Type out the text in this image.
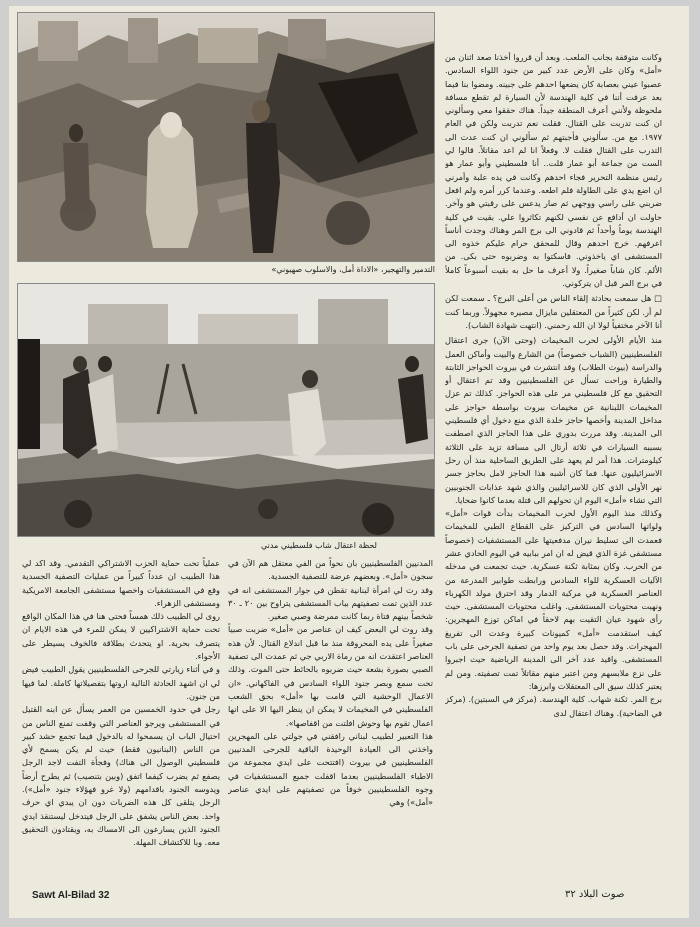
التدمير والتهجير، «الاداة أمل، والاسلوب صهيوني»
لحظة اعتقال شاب فلسطيني مدني

وكانت متوقفة بجانب الملعب. وبعد أن قرروا أخذنا صعد اثنان من «أمل» وكان على الأرض عدد كبير من جنود اللواء السادس. عصبوا عيني بعصابة كان يضعها احدهم على جبينه. ومضوا بنا فيما بعد عرفت أننا في كلية الهندسة لأن السيارة لم تقطع مسافة ملحوظة ولأنني أعرف المنطقة جيداً. هناك حققوا معي وسألوني ان كنت تدربت على القتال. فقلت نعم تدربت ولكن في العام ١٩٧٧. مع من. سألوني فأجبتهم ثم سألوني ان كنت عدت الى التدرب على القتال فقلت لا. وفعلاً انا لم اعد مقاتلاً. قالوا لي الست من جماعة أبو عمار قلت.. أنا فلسطيني وأبو عمار هو رئيس منظمة التحرير فجاء احدهم وكانت في يده علبة وأمرني ان اضع يدي على الطاولة فلم اطعه. وعندما كرر أمره ولم افعل ضربني على راسي ووجهي ثم صار يدعس على رقبتي هو وآخر. حاولت ان أدافع عن نفسي لكنهم تكاثروا علي. بقيت في كلية الهندسة يوماً وأحداً ثم قادوني الى برج المر وهناك وجدت أناساً اعرفهم. خرج احدهم وقال للمحقق حرام عليكم خذوه الى المستشفى اي ياخذوني. فاسكتوا به وضربوه حتى بكى. من الألم. كان شاباً صغيراً. ولا أعرف ما حل به بقيت أسبوعاً كاملاً في برج المر قبل ان يتركوني.

□ هل سمعت بحادثة إلقاء الناس من أعلى البرج؟ ـ سمعت لكن لم أر. لكن كثيراً من المعتقلين مايزال مصيره مجهولاً. وربما كنت أنا الآخر مختفياً لولا ان الله رحمني. (انتهت شهادة الشاب).

منذ الأيام الأولى لحرب المخيمات (وحتى الآن) جرى اعتقال الفلسطينيين (الشباب خصوصاً) من الشارع والبيت وأماكن العمل والدراسة (بيوت الطلاب) وقد انتشرت في بيروت الحواجز الثابتة والطيارة وراحت تسأل عن الفلسطينيين وقد تم اعتقال أو التحقيق مع كل فلسطيني مر على هذه الحواجز. كذلك تم عزل المخيمات اللبنانية عن مخيمات بيروت بواسطة حواجز على مداخل المدينة وأخصها حاجز خلدة الذي منع دخول أي فلسطيني الى المدينة. وقد مررت بدوري على هذا الحاجز الذي اصطفت بسببه السيارات في ثلاثة أرتال الى مسافة تزيد على الثلاثة كيلومترات. هذا أمر لم يعهد على الطريق الساحلية منذ أن رحل الاسرائيليون عنها. فما كان أشبه هذا الحاجز لامل بحاجز جسر نهر الأولى الذي كان للاسرائيليين والذي شهد عذابات الجنوبيين التي تشاء «أمل» اليوم ان تحولهم الى قتلة بعدما كانوا ضحايا.
وكذلك منذ اليوم الأول لحرب المخيمات بدأت قوات «أمل» ولواتها السادس في التركيز على القطاع الطبي للمخيمات فعمدت الى تسليط نيران مدفعيتها على المستشفيات (خصوصاً مستشفى غزة الذي قيض له ان امر ببابيه في اليوم الحادي عشر من الحرب. وكان بمثابة ثكنة عسكرية. حيث تجمعت في مدخله الآليات العسكرية للواء السادس ورابطت طوابير المدرعة من العناصر العسكرية في مركبة الدمار وقد احترق مولد الكهرباء ونهبت محتويات المستشفى. واغلب محتويات المستشفى. حيث رأى شهود عيان التقيت بهم لاحقاً في اماكن توزع المهجرين: كيف استقدمت «أمل» كميونات كبيرة وعدت الى تفريغ المهجرات. وقد حصل بعد يوم واحد من تصفية الجرحى على باب المستشفى. واقيد عدد آخر الى المدينة الرياضية حيث اجبروا على نزع ملابسهم ومن اعتبر منهم مقاتلاً تمت تصفيته. ومن لم يعتبر كذلك سيق الى المعتقلات وابرزها:
برج المر. ثكنة شهاب. كلية الهندسة. (مركز في السبتين). (مركز في الضاحية). وهناك اعتقال لدى

المدنيين الفلسطينيين بان نحواً من الفي معتقل هم الآن في سجون «أمل». وبعضهم عرضة للتصفية الجسدية.
وقد رت لي امرأة لبنانية تقطن في جوار المستشفى انه في عدد الذين تمت تصفيتهم بباب المستشفى يتراوح بين ٢٠ ـ ٣٠ شخصاً بينهم فتاة ربما كانت ممرضة وصبي صغير.
وقد روت لي البعض كيف ان عناصر من «أمل» ضربت صبياً صغيراً على يده المحروقة منذ ما قبل اندلاع القتال. لأن هذه العناصر اعتقدت انه من رماة الاربي جي ثم عمدت الى تصفية الصبي بصورة بشعة حيث ضربوه بالحائط حتى الموت. وذلك تحت سمع وبصر جنود اللواء السادس في الفاكهاني. «ان الاعمال الوحشية التي قامت بها «أمل» بحق الشعب الفلسطيني في المخيمات لا يمكن ان ينظر اليها الا على انها اعمال تقوم بها وحوش افلتت من اقفاصها».
هذا التعبير لطبيب لبناني رافقني في جولتي على المهجرين واخذني الى العيادة الوحيدة الباقية للجرحى المدنيين الفلسطينيين في بيروت (افتتحت على ايدي مجموعة من الاطباء الفلسطينيين بعدما اقفلت جميع المستشفيات في وجوه الفلسطينيين خوفاً من تصفيتهم على ايدي عناصر «أمل») وهي

عملياً تحت حماية الحزب الاشتراكي التقدمي. وقد اكد لي هذا الطبيب ان عدداً كبيراً من عمليات التصفية الجسدية وقع في المستشفيات واخصها مستشفى الجامعة الامريكية ومستشفى الزهراء.
روى لي الطبيب ذلك همساً فحتى هنا في هذا المكان الواقع تحت حماية الاشتراكيين لا يمكن للمرء في هذه الايام ان يتصرف بحرية. او يتحدث بطلاقة فالخوف يسيطر على الأجواء.
و في أثناء زيارتي للجرحى الفلسطينيين يقول الطبيب فيض لي ان اشهد الحادثة التالية اروتها بتفصيلاتها كاملة. لما فيها من جنون.
رجل في حدود الخمسين من العمر يسأل عن ابنه القتيل في المستشفى ويرجو العناصر التي وقفت تمنع الناس من احتيال الباب ان يسمحوا له بالدخول فيما تجمع حشد كبير من الناس (البنانيون فقط) حيث لم يكن يسمح لأي فلسطيني الوصول الى هناك) وفجأة التفت لاجد الرجل يصفع ثم يضرب كيفما اتفق (وبين بتنصيب) ثم يطرح أرضاً ويدوسه الجنود باقدامهم (ولا غرو فهؤلاء جنود «أمل»). الرجل يتلقى كل هذه الضربات دون ان يبدي اي حرف واحد. بعض الناس يشفق على الرجل فيتدخل ليستنقذ ايدي الجنود الذين يسارعون الى الامساك به، ويقتادون التحقيق معه. وبا للاكتشاف المهلة.

Sawt Al-Bilad 32	صوت البلاد ٣٢
